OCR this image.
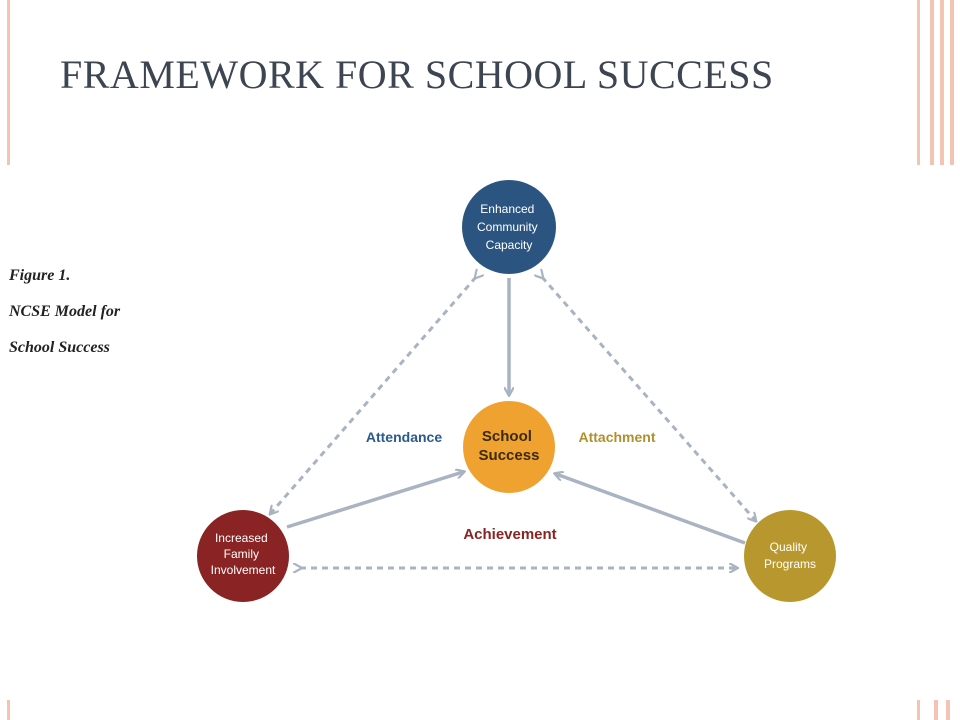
FRAMEWORK FOR SCHOOL SUCCESS
Figure 1.
NCSE Model for
School Success
Enhanced Community Capacity
School Success
Increased Family Involvement
Quality Programs
Attendance	Attachment
Achievement
